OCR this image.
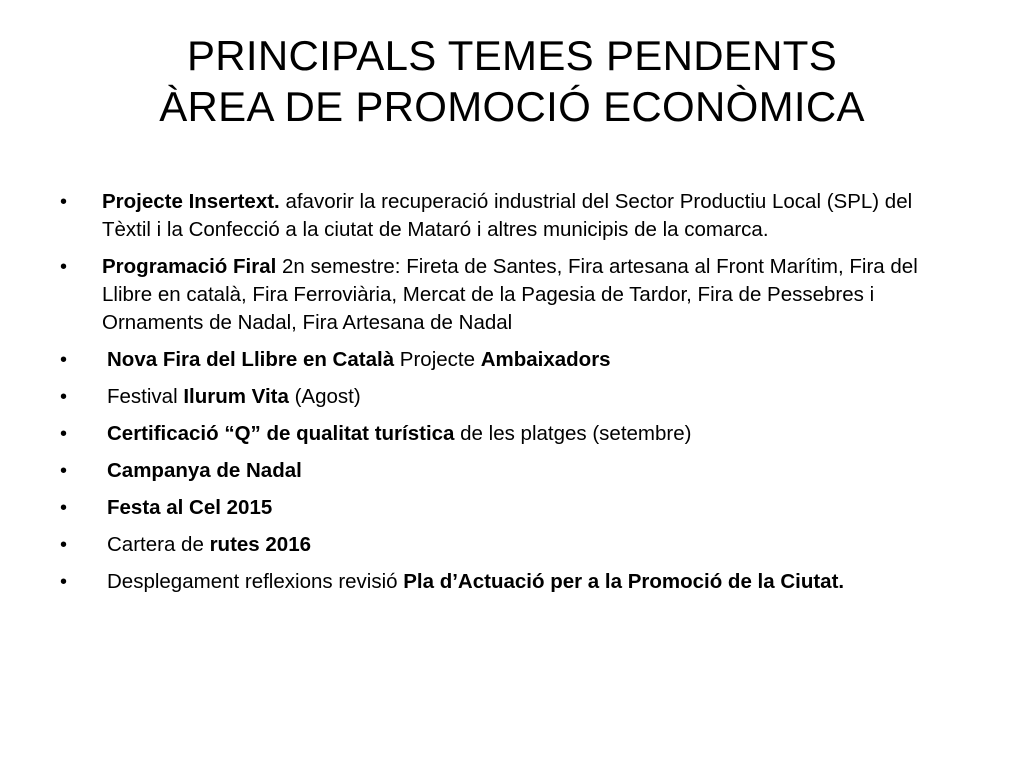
PRINCIPALS TEMES PENDENTS
ÀREA DE PROMOCIÓ ECONÒMICA
•	Projecte Insertext. afavorir la recuperació industrial del Sector Productiu Local (SPL) del Tèxtil i la Confecció a la ciutat de Mataró i altres municipis de la comarca.
•	Programació Firal 2n semestre: Fireta de Santes, Fira artesana al Front Marítim, Fira del Llibre en català, Fira Ferroviària, Mercat de la Pagesia de Tardor, Fira de Pessebres i Ornaments de Nadal, Fira Artesana de Nadal
•	Nova Fira del Llibre en Català Projecte Ambaixadors
•	Festival Ilurum Vita (Agost)
•	Certificació “Q” de qualitat turística de les platges (setembre)
•	Campanya de Nadal
•	Festa al Cel 2015
•	Cartera de rutes 2016
•	Desplegament reflexions revisió Pla d’Actuació per a la Promoció de la Ciutat.
